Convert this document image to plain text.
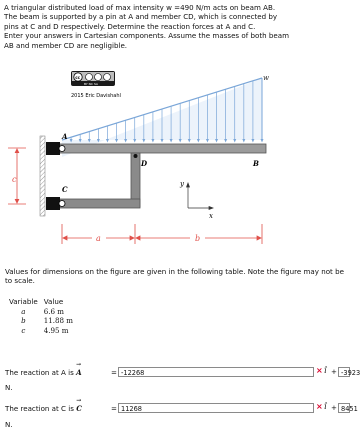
A triangular distributed load of max intensity w =490 N/m acts on beam AB.

The beam is supported by a pin at A and member CD, which is connected by

pins at C and D respectively. Determine the reaction forces at A and C.

Enter your answers in Cartesian components. Assume the masses of both beam

AB and member CD are negligible.

cc
BY NC SA
2015 Eric Davishahl
w
A
D
C
B
c
a	b
y
x
Values for dimensions on the figure are given in the following table. Note the figure may not be to scale.
Variable	Value
a	6.6 m
b	11.88 m
c	4.95 m
The reaction at A is
→
A	= -12268	× î + -3923
N.
The reaction at C is
→
C	= 11268	× î + 8451
N.
